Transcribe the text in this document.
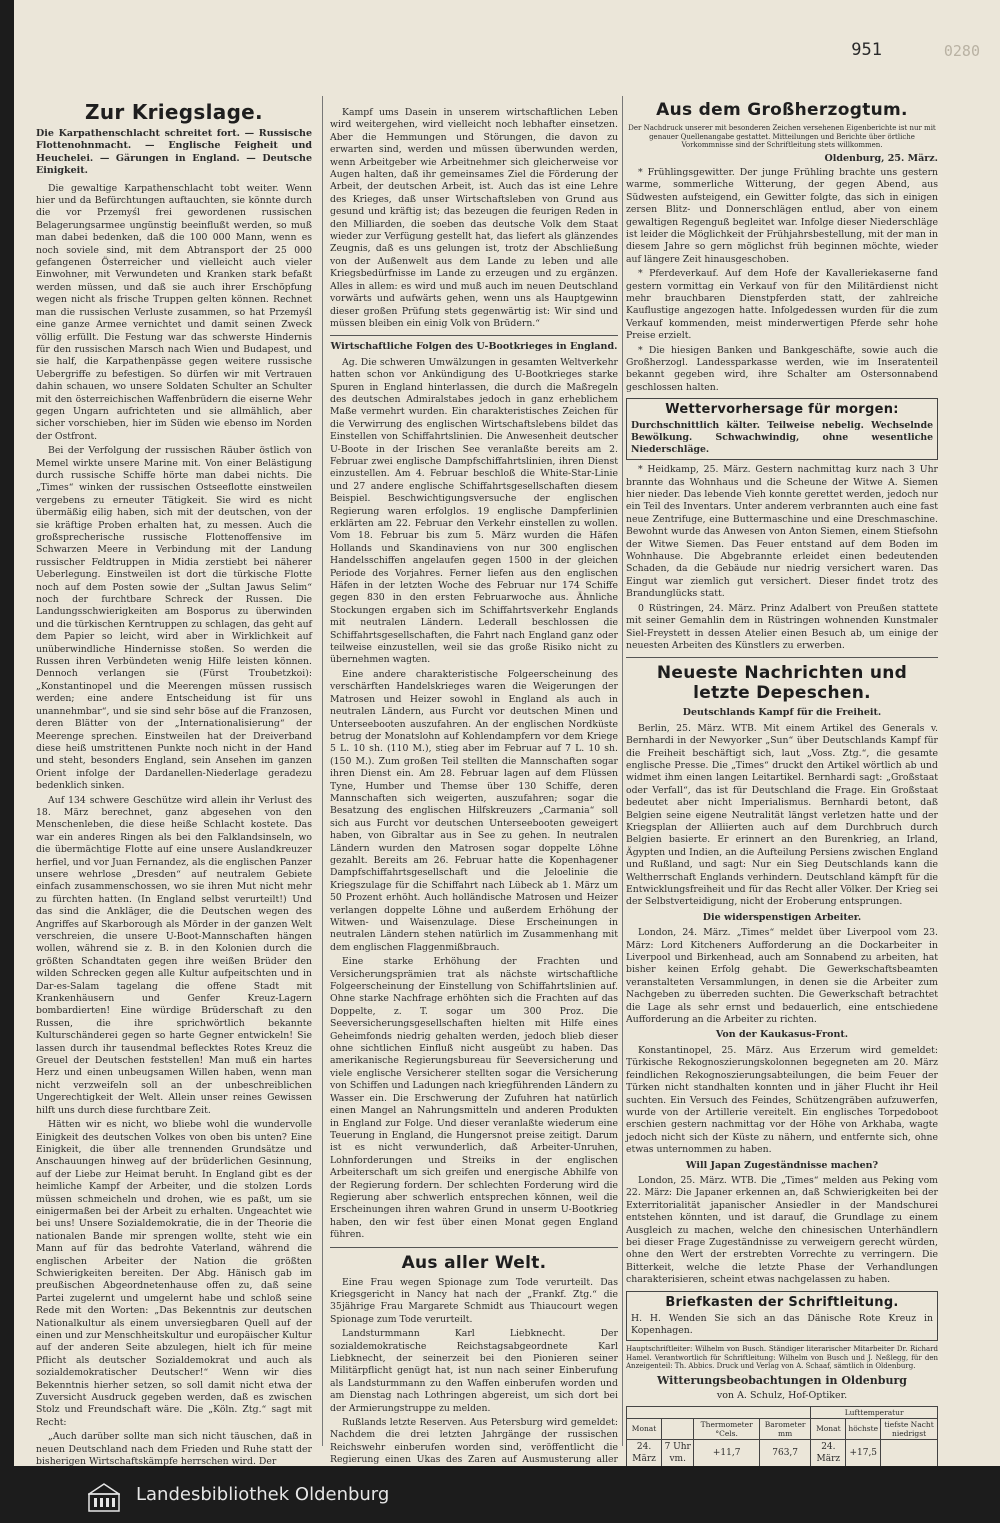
951	0280
Zur Kriegslage.
Die Karpathenschlacht schreitet fort. — Russische Flottenohnmacht. — Englische Feigheit und Heuchelei. — Gärungen in England. — Deutsche Einigkeit.

Die gewaltige Karpathenschlacht tobt weiter. Wenn hier und da Befürchtungen auftauchten, sie könnte durch die vor Przemyśl frei gewordenen russischen Belagerungsarmee ungünstig beeinflußt werden, so muß man dabei bedenken, daß die 100 000 Mann, wenn es noch soviele sind, mit dem Abtransport der 25 000 gefangenen Österreicher und vielleicht auch vieler Einwohner, mit Verwundeten und Kranken stark befaßt werden müssen, und daß sie auch ihrer Erschöpfung wegen nicht als frische Truppen gelten können. Rechnet man die russischen Verluste zusammen, so hat Przemyśl eine ganze Armee vernichtet und damit seinen Zweck völlig erfüllt. Die Festung war das schwerste Hindernis für den russischen Marsch nach Wien und Budapest, und sie half, die Karpathenpässe gegen weitere russische Uebergriffe zu befestigen. So dürfen wir mit Vertrauen dahin schauen, wo unsere Soldaten Schulter an Schulter mit den österreichischen Waffenbrüdern die eiserne Wehr gegen Ungarn aufrichteten und sie allmählich, aber sicher vorschieben, hier im Süden wie ebenso im Norden der Ostfront.

Bei der Verfolgung der russischen Räuber östlich von Memel wirkte unsere Marine mit. Von einer Belästigung durch russische Schiffe hörte man dabei nichts. Die „Times“ winken der russischen Ostseeflotte einstweilen vergebens zu erneuter Tätigkeit. Sie wird es nicht übermäßig eilig haben, sich mit der deutschen, von der sie kräftige Proben erhalten hat, zu messen. Auch die großsprecherische russische Flottenoffensive im Schwarzen Meere in Verbindung mit der Landung russischer Feldtruppen in Midia zerstiebt bei näherer Ueberlegung. Einstweilen ist dort die türkische Flotte noch auf dem Posten sowie der „Sultan Jawus Selim“ noch der furchtbare Schreck der Russen. Die Landungsschwierigkeiten am Bosporus zu überwinden und die türkischen Kerntruppen zu schlagen, das geht auf dem Papier so leicht, wird aber in Wirklichkeit auf unüberwindliche Hindernisse stoßen. So werden die Russen ihren Verbündeten wenig Hilfe leisten können. Dennoch verlangen sie (Fürst Troubetzkoi): „Konstantinopel und die Meerengen müssen russisch werden; eine andere Entscheidung ist für uns unannehmbar“, und sie sind sehr böse auf die Franzosen, deren Blätter von der „Internationalisierung“ der Meerenge sprechen. Einstweilen hat der Dreiverband diese heiß umstrittenen Punkte noch nicht in der Hand und steht, besonders England, sein Ansehen im ganzen Orient infolge der Dardanellen-Niederlage geradezu bedenklich sinken.

Auf 134 schwere Geschütze wird allein ihr Verlust des 18. März berechnet, ganz abgesehen von den Menschenleben, die diese heiße Schlacht kostete. Das war ein anderes Ringen als bei den Falklandsinseln, wo die übermächtige Flotte auf eine unsere Auslandkreuzer herfiel, und vor Juan Fernandez, als die englischen Panzer unsere wehrlose „Dresden“ auf neutralem Gebiete einfach zusammenschossen, wo sie ihren Mut nicht mehr zu fürchten hatten. (In England selbst verurteilt!) Und das sind die Ankläger, die die Deutschen wegen des Angriffes auf Skarborough als Mörder in der ganzen Welt verschreien, die unsere U-Boot-Mannschaften hängen wollen, während sie z. B. in den Kolonien durch die größten Schandtaten gegen ihre weißen Brüder den wilden Schrecken gegen alle Kultur aufpeitschten und in Dar-es-Salam tagelang die offene Stadt mit Krankenhäusern und Genfer Kreuz-Lagern bombardierten! Eine würdige Brüderschaft zu den Russen, die ihre sprichwörtlich bekannte Kulturschänderei gegen so harte Gegner entwickeln! Sie lassen durch ihr tausendmal beflecktes Rotes Kreuz die Greuel der Deutschen feststellen! Man muß ein hartes Herz und einen unbeugsamen Willen haben, wenn man nicht verzweifeln soll an der unbeschreiblichen Ungerechtigkeit der Welt. Allein unser reines Gewissen hilft uns durch diese furchtbare Zeit.

Hätten wir es nicht, wo bliebe wohl die wundervolle Einigkeit des deutschen Volkes von oben bis unten? Eine Einigkeit, die über alle trennenden Grundsätze und Anschauungen hinweg auf der brüderlichen Gesinnung, auf der Liebe zur Heimat beruht. In England gibt es der heimliche Kampf der Arbeiter, und die stolzen Lords müssen schmeicheln und drohen, wie es paßt, um sie einigermaßen bei der Arbeit zu erhalten. Ungeachtet wie bei uns! Unsere Sozialdemokratie, die in der Theorie die nationalen Bande mir sprengen wollte, steht wie ein Mann auf für das bedrohte Vaterland, während die englischen Arbeiter der Nation die größten Schwierigkeiten bereiten. Der Abg. Hänisch gab im preußischen Abgeordnetenhause offen zu, daß seine Partei zugelernt und umgelernt habe und schloß seine Rede mit den Worten: „Das Bekenntnis zur deutschen Nationalkultur als einem unversiegbaren Quell auf der einen und zur Menschheitskultur und europäischer Kultur auf der anderen Seite abzulegen, hielt ich für meine Pflicht als deutscher Sozialdemokrat und auch als sozialdemokratischer Deutscher!“ Wenn wir dies Bekenntnis hierher setzen, so soll damit nicht etwa der Zuversicht Ausdruck gegeben werden, daß es zwischen Stolz und Freundschaft wäre. Die „Köln. Ztg.“ sagt mit Recht:

„Auch darüber sollte man sich nicht täuschen, daß in neuen Deutschland nach dem Frieden und Ruhe statt der bisherigen Wirtschaftskämpfe herrschen wird. Der

Kampf ums Dasein in unserem wirtschaftlichen Leben wird weitergehen, wird vielleicht noch lebhafter einsetzen. Aber die Hemmungen und Störungen, die davon zu erwarten sind, werden und müssen überwunden werden, wenn Arbeitgeber wie Arbeitnehmer sich gleicherweise vor Augen halten, daß ihr gemeinsames Ziel die Förderung der Arbeit, der deutschen Arbeit, ist. Auch das ist eine Lehre des Krieges, daß unser Wirtschaftsleben von Grund aus gesund und kräftig ist; das bezeugen die feurigen Reden in den Milliarden, die soeben das deutsche Volk dem Staat wieder zur Verfügung gestellt hat, das liefert als glänzendes Zeugnis, daß es uns gelungen ist, trotz der Abschließung von der Außenwelt aus dem Lande zu leben und alle Kriegsbedürfnisse im Lande zu erzeugen und zu ergänzen. Alles in allem: es wird und muß auch im neuen Deutschland vorwärts und aufwärts gehen, wenn uns als Hauptgewinn dieser großen Prüfung stets gegenwärtig ist: Wir sind und müssen bleiben ein einig Volk von Brüdern.“

Wirtschaftliche Folgen des U-Bootkrieges in England.

Ag. Die schweren Umwälzungen in gesamten Weltverkehr hatten schon vor Ankündigung des U-Bootkrieges starke Spuren in England hinterlassen, die durch die Maßregeln des deutschen Admiralstabes jedoch in ganz erheblichem Maße vermehrt wurden. Ein charakteristisches Zeichen für die Verwirrung des englischen Wirtschaftslebens bildet das Einstellen von Schiffahrtslinien. Die Anwesenheit deutscher U-Boote in der Irischen See veranlaßte bereits am 2. Februar zwei englische Dampfschiffahrtslinien, ihren Dienst einzustellen. Am 4. Februar beschloß die White-Star-Linie und 27 andere englische Schiffahrtsgesellschaften diesem Beispiel. Beschwichtigungsversuche der englischen Regierung waren erfolglos. 19 englische Dampferlinien erklärten am 22. Februar den Verkehr einstellen zu wollen. Vom 18. Februar bis zum 5. März wurden die Häfen Hollands und Skandinaviens von nur 300 englischen Handelsschiffen angelaufen gegen 1500 in der gleichen Periode des Vorjahres. Ferner liefen aus den englischen Häfen in der letzten Woche des Februar nur 174 Schiffe gegen 830 in den ersten Februarwoche aus. Ähnliche Stockungen ergaben sich im Schiffahrtsverkehr Englands mit neutralen Ländern. Lederall beschlossen die Schiffahrtsgesellschaften, die Fahrt nach England ganz oder teilweise einzustellen, weil sie das große Risiko nicht zu übernehmen wagten.

Eine andere charakteristische Folgeerscheinung des verschärften Handelskrieges waren die Weigerungen der Matrosen und Heizer sowohl in England als auch in neutralen Ländern, aus Furcht vor deutschen Minen und Unterseebooten auszufahren. An der englischen Nordküste betrug der Monatslohn auf Kohlendampfern vor dem Kriege 5 L. 10 sh. (110 M.), stieg aber im Februar auf 7 L. 10 sh. (150 M.). Zum großen Teil stellten die Mannschaften sogar ihren Dienst ein. Am 28. Februar lagen auf dem Flüssen Tyne, Humber und Themse über 130 Schiffe, deren Mannschaften sich weigerten, auszufahren; sogar die Besatzung des englischen Hilfskreuzers „Carmania“ soll sich aus Furcht vor deutschen Unterseebooten geweigert haben, von Gibraltar aus in See zu gehen. In neutralen Ländern wurden den Matrosen sogar doppelte Löhne gezahlt. Bereits am 26. Februar hatte die Kopenhagener Dampfschiffahrtsgesellschaft und die Jeloelinie die Kriegszulage für die Schiffahrt nach Lübeck ab 1. März um 50 Prozent erhöht. Auch holländische Matrosen und Heizer verlangen doppelte Löhne und außerdem Erhöhung der Witwen- und Waisenzulage. Diese Erscheinungen in neutralen Ländern stehen natürlich im Zusammenhang mit dem englischen Flaggenmißbrauch.

Eine starke Erhöhung der Frachten und Versicherungsprämien trat als nächste wirtschaftliche Folgeerscheinung der Einstellung von Schiffahrtslinien auf. Ohne starke Nachfrage erhöhten sich die Frachten auf das Doppelte, z. T. sogar um 300 Proz. Die Seeversicherungsgesellschaften hielten mit Hilfe eines Geheimfonds niedrig gehalten werden, jedoch blieb dieser ohne sichtlichen Einfluß nicht ausgeübt zu haben. Das amerikanische Regierungsbureau für Seeversicherung und viele englische Versicherer stellten sogar die Versicherung von Schiffen und Ladungen nach kriegführenden Ländern zu Wasser ein. Die Erschwerung der Zufuhren hat natürlich einen Mangel an Nahrungsmitteln und anderen Produkten in England zur Folge. Und dieser veranlaßte wiederum eine Teuerung in England, die Hungersnot preise zeitigt. Darum ist es nicht verwunderlich, daß Arbeiter-Unruhen, Lohnforderungen und Streiks in der englischen Arbeiterschaft um sich greifen und energische Abhilfe von der Regierung fordern. Der schlechten Forderung wird die Regierung aber schwerlich entsprechen können, weil die Erscheinungen ihren wahren Grund in unserm U-Bootkrieg haben, den wir fest über einen Monat gegen England führen.

Aus aller Welt.

Eine Frau wegen Spionage zum Tode verurteilt. Das Kriegsgericht in Nancy hat nach der „Frankf. Ztg.“ die 35jährige Frau Margarete Schmidt aus Thiaucourt wegen Spionage zum Tode verurteilt.

Landsturmmann Karl Liebknecht. Der sozialdemokratische Reichstagsabgeordnete Karl Liebknecht, der seinerzeit bei den Pionieren seiner Militärpflicht genügt hat, ist nun nach seiner Einberufung als Landsturmmann zu den Waffen einberufen worden und am Dienstag nach Lothringen abgereist, um sich dort bei der Armierungstruppe zu melden.

Rußlands letzte Reserven. Aus Petersburg wird gemeldet: Nachdem die drei letzten Jahrgänge der russischen Reichswehr einberufen worden sind, veröffentlicht die Regierung einen Ukas des Zaren auf Ausmusterung aller

Aus dem Großherzogtum.
Der Nachdruck unserer mit besonderen Zeichen versehenen Eigenberichte ist nur mit genauer Quellenangabe gestattet. Mitteilungen und Berichte über örtliche Vorkommnisse sind der Schriftleitung stets willkommen.
Oldenburg, 25. März.

* Frühlingsgewitter. Der junge Frühling brachte uns gestern warme, sommerliche Witterung, der gegen Abend, aus Südwesten aufsteigend, ein Gewitter folgte, das sich in einigen zersen Blitz- und Donnerschlägen entlud, aber von einem gewaltigen Regenguß begleitet war. Infolge dieser Niederschläge ist leider die Möglichkeit der Frühjahrsbestellung, mit der man in diesem Jahre so gern möglichst früh beginnen möchte, wieder auf längere Zeit hinausgeschoben.

* Pferdeverkauf. Auf dem Hofe der Kavalleriekaserne fand gestern vormittag ein Verkauf von für den Militärdienst nicht mehr brauchbaren Dienstpferden statt, der zahlreiche Kauflustige angezogen hatte. Infolgedessen wurden für die zum Verkauf kommenden, meist minderwertigen Pferde sehr hohe Preise erzielt.

* Die hiesigen Banken und Bankgeschäfte, sowie auch die Großherzogl. Landessparkasse werden, wie im Inseratenteil bekannt gegeben wird, ihre Schalter am Ostersonnabend geschlossen halten.

Wettervorhersage für morgen:
Durchschnittlich kälter. Teilweise nebelig. Wechselnde Bewölkung. Schwachwindig, ohne wesentliche Niederschläge.

* Heidkamp, 25. März. Gestern nachmittag kurz nach 3 Uhr brannte das Wohnhaus und die Scheune der Witwe A. Siemen hier nieder. Das lebende Vieh konnte gerettet werden, jedoch nur ein Teil des Inventars. Unter anderem verbrannten auch eine fast neue Zentrifuge, eine Buttermaschine und eine Dreschmaschine. Bewohnt wurde das Anwesen von Anton Siemen, einem Stiefsohn der Witwe Siemen. Das Feuer entstand auf dem Boden im Wohnhause. Die Abgebrannte erleidet einen bedeutenden Schaden, da die Gebäude nur niedrig versichert waren. Das Eingut war ziemlich gut versichert. Dieser findet trotz des Brandunglücks statt.

0 Rüstringen, 24. März. Prinz Adalbert von Preußen stattete mit seiner Gemahlin dem in Rüstringen wohnenden Kunstmaler Siel-Freystett in dessen Atelier einen Besuch ab, um einige der neuesten Arbeiten des Künstlers zu erwerben.

Neueste Nachrichten und letzte Depeschen.
Deutschlands Kampf für die Freiheit.

Berlin, 25. März. WTB. Mit einem Artikel des Generals v. Bernhardi in der Newyorker „Sun“ über Deutschlands Kampf für die Freiheit beschäftigt sich, laut „Voss. Ztg.“, die gesamte englische Presse. Die „Times“ druckt den Artikel wörtlich ab und widmet ihm einen langen Leitartikel. Bernhardi sagt: „Großstaat oder Verfall“, das ist für Deutschland die Frage. Ein Großstaat bedeutet aber nicht Imperialismus. Bernhardi betont, daß Belgien seine eigene Neutralität längst verletzen hatte und der Kriegsplan der Alliierten auch auf dem Durchbruch durch Belgien basierte. Er erinnert an den Burenkrieg, an Irland, Ägypten und Indien, an die Aufteilung Persiens zwischen England und Rußland, und sagt: Nur ein Sieg Deutschlands kann die Weltherrschaft Englands verhindern. Deutschland kämpft für die Entwicklungsfreiheit und für das Recht aller Völker. Der Krieg sei der Selbstverteidigung, nicht der Eroberung entsprungen.

Die widerspenstigen Arbeiter.

London, 24. März. „Times“ meldet über Liverpool vom 23. März: Lord Kitcheners Aufforderung an die Dockarbeiter in Liverpool und Birkenhead, auch am Sonnabend zu arbeiten, hat bisher keinen Erfolg gehabt. Die Gewerkschaftsbeamten veranstalteten Versammlungen, in denen sie die Arbeiter zum Nachgeben zu überreden suchten. Die Gewerkschaft betrachtet die Lage als sehr ernst und bedauerlich, eine entschiedene Aufforderung an die Arbeiter zu richten.

Von der Kaukasus-Front.

Konstantinopel, 25. März. Aus Erzerum wird gemeldet: Türkische Rekognoszierungskolonnen begegneten am 20. März feindlichen Rekognoszierungsabteilungen, die beim Feuer der Türken nicht standhalten konnten und in jäher Flucht ihr Heil suchten. Ein Versuch des Feindes, Schützengräben aufzuwerfen, wurde von der Artillerie vereitelt. Ein englisches Torpedoboot erschien gestern nachmittag vor der Höhe von Arkhaba, wagte jedoch nicht sich der Küste zu nähern, und entfernte sich, ohne etwas unternommen zu haben.

Will Japan Zugeständnisse machen?

London, 25. März. WTB. Die „Times“ melden aus Peking vom 22. März: Die Japaner erkennen an, daß Schwierigkeiten bei der Exterritorialität japanischer Ansiedler in der Mandschurei entstehen könnten, und ist darauf, die Grundlage zu einem Ausgleich zu machen, welche den chinesischen Unterhändlern bei dieser Frage Zugeständnisse zu verweigern gerecht würden, ohne den Wert der erstrebten Vorrechte zu verringern. Die Bitterkeit, welche die letzte Phase der Verhandlungen charakterisieren, scheint etwas nachgelassen zu haben.

Briefkasten der Schriftleitung.
H. H. Wenden Sie sich an das Dänische Rote Kreuz in Kopenhagen.
Hauptschriftleiter: Wilhelm von Busch. Ständiger literarischer Mitarbeiter Dr. Richard Hamel. Verantwortlich für Schriftleitung: Wilhelm von Busch und J. Neßlegg, für den Anzeigenteil: Th. Abbics. Druck und Verlag von A. Schaaf, sämtlich in Oldenburg.
Witterungsbeobachtungen in Oldenburg
von A. Schulz, Hof-Optiker.
				Lufttemperatur		
Monat		Thermometer °Cels.	Barometer mm	Monat	höchste	tiefste Nacht niedrigst
24. März	7 Uhr vm.	+11,7	763,7	24. März	+17,5	

Landesbibliothek Oldenburg
